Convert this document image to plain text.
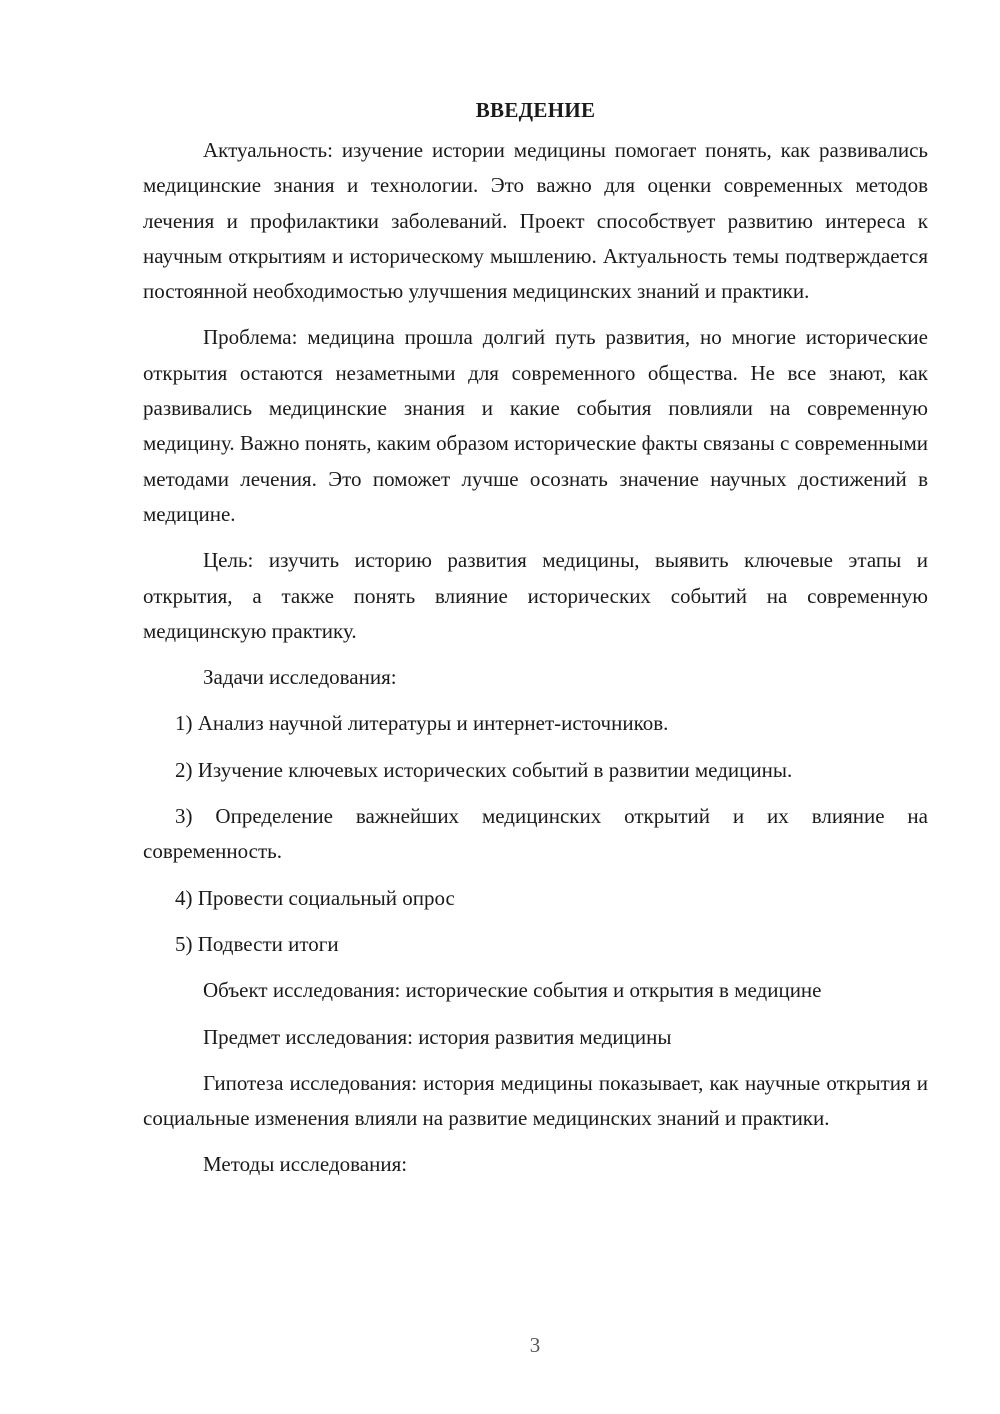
ВВЕДЕНИЕ

Актуальность: изучение истории медицины помогает понять, как развивались медицинские знания и технологии. Это важно для оценки современных методов лечения и профилактики заболеваний. Проект способствует развитию интереса к научным открытиям и историческому мышлению. Актуальность темы подтверждается постоянной необходимостью улучшения медицинских знаний и практики.

Проблема: медицина прошла долгий путь развития, но многие исторические открытия остаются незаметными для современного общества. Не все знают, как развивались медицинские знания и какие события повлияли на современную медицину. Важно понять, каким образом исторические факты связаны с современными методами лечения. Это поможет лучше осознать значение научных достижений в медицине.

Цель: изучить историю развития медицины, выявить ключевые этапы и открытия, а также понять влияние исторических событий на современную медицинскую практику.

Задачи исследования:

1) Анализ научной литературы и интернет-источников.

2) Изучение ключевых исторических событий в развитии медицины.

3) Определение важнейших медицинских открытий и их влияние на современность.

4) Провести социальный опрос

5) Подвести итоги

Объект исследования: исторические события и открытия в медицине

Предмет исследования: история развития медицины

Гипотеза исследования: история медицины показывает, как научные открытия и социальные изменения влияли на развитие медицинских знаний и практики.

Методы исследования:

3
